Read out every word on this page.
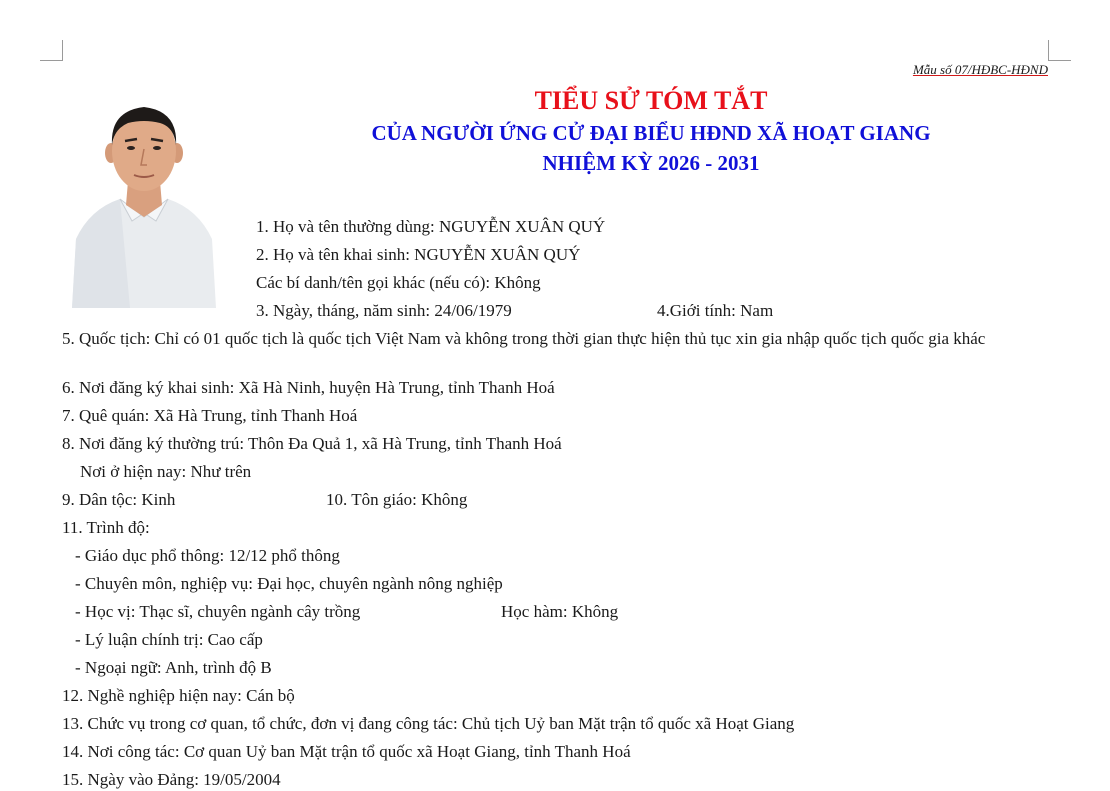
Mẫu số 07/HĐBC-HĐND
TIỂU SỬ TÓM TẮT
CỦA NGƯỜI ỨNG CỬ ĐẠI BIỂU HĐND XÃ HOẠT GIANG
NHIỆM KỲ 2026 - 2031
1. Họ và tên thường dùng: NGUYỄN XUÂN QUÝ
2. Họ và tên khai sinh: NGUYỄN XUÂN QUÝ
Các bí danh/tên gọi khác (nếu có): Không
3. Ngày, tháng, năm sinh: 24/06/1979	4.Giới tính: Nam
5. Quốc tịch: Chỉ có 01 quốc tịch là quốc tịch Việt Nam và không trong thời gian thực hiện thủ tục xin gia nhập quốc tịch quốc gia khác
6. Nơi đăng ký khai sinh: Xã Hà Ninh, huyện Hà Trung, tỉnh Thanh Hoá
7. Quê quán: Xã Hà Trung, tỉnh Thanh Hoá
8. Nơi đăng ký thường trú: Thôn Đa Quả 1, xã Hà Trung, tỉnh Thanh Hoá
Nơi ở hiện nay: Như trên
9. Dân tộc: Kinh	10. Tôn giáo: Không
11. Trình độ:
- Giáo dục phổ thông: 12/12 phổ thông
- Chuyên môn, nghiệp vụ: Đại học, chuyên ngành nông nghiệp
- Học vị: Thạc sĩ, chuyên ngành cây trồng	Học hàm: Không
- Lý luận chính trị: Cao cấp
- Ngoại ngữ: Anh, trình độ B
12. Nghề nghiệp hiện nay: Cán bộ
13. Chức vụ trong cơ quan, tổ chức, đơn vị đang công tác: Chủ tịch Uỷ ban Mặt trận tổ quốc xã Hoạt Giang
14. Nơi công tác: Cơ quan Uỷ ban Mặt trận tổ quốc xã Hoạt Giang, tỉnh Thanh Hoá
15. Ngày vào Đảng: 19/05/2004
